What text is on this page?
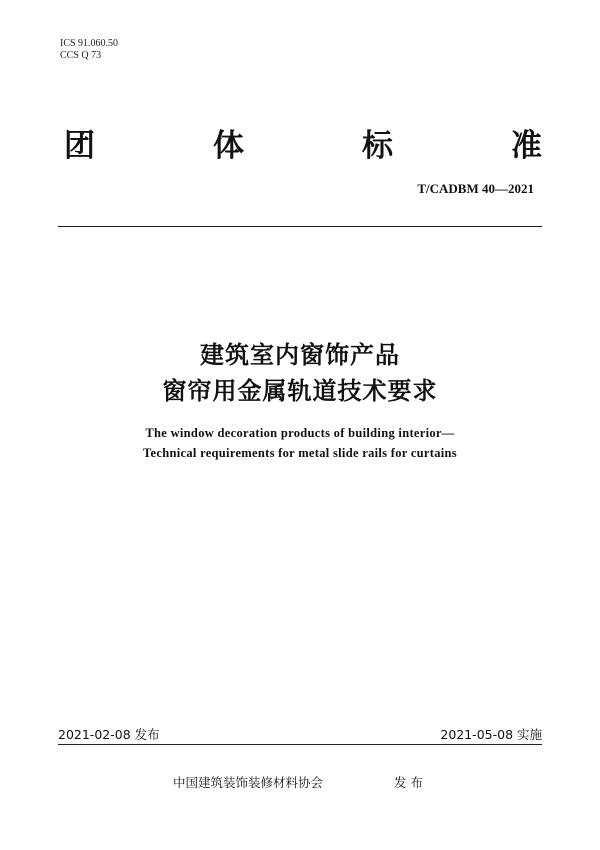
ICS 91.060.50
CCS Q 73
团	体	标	准
T/CADBM 40—2021
建筑室内窗饰产品
窗帘用金属轨道技术要求
The window decoration products of building interior—
Technical requirements for metal slide rails for curtains
2021-02-08 发布	2021-05-08 实施
中国建筑装饰装修材料协会	发 布
